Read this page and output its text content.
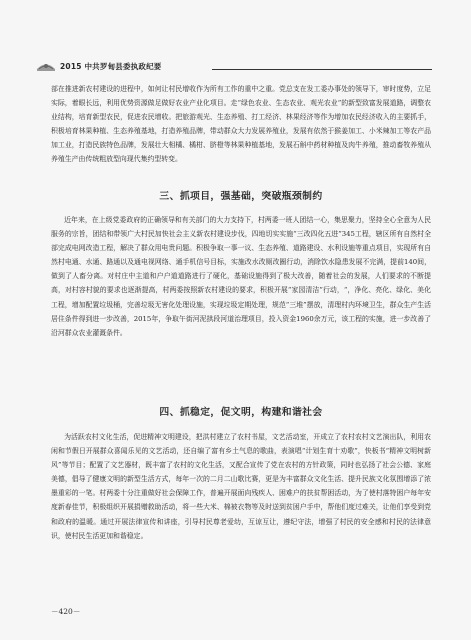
2015 中共罗甸县委执政纪要

部在推进新农村建设的进程中，如何让村民增收作为所有工作的重中之重。党总支在发工委办事处的领导下，审时度势，立足实际，着眼长远，利用优势资源做足做好农业产业化项目。走“绿色农业、生态农业、观光农业”的新型致富发展道路，调整农业结构，培育新型农民，促进农民增收。把旅游观光、生态养殖、打工经济、林果经济等作为增加农民经济收入的主要抓手，积极培育林果种植、生态养殖基地，打造养殖品牌，带动群众大力发展养殖业，发展有依然于猴姜加工、小米辣加工等农产品加工业，打造民族特色品牌，发展壮大相橘、橘柑、脐橙等林果种植基地，发展石斛中药材种植及肉牛养殖，推动畜牧养殖从养殖生产由传统粗放型向现代集约型转变。

三、抓项目，强基础，突破瓶颈制约

近年来，在上级党委政府的正确领导和有关部门的大力支持下，村两委一班人团结一心，集思聚力，坚持全心全意为人民服务的宗旨，团结和带领广大村民加快社会主义新农村建设步伐，四地切实实施“三改四化五进”345工程，辖区所有自然村全部完成电网改造工程，解决了群众用电贵问题。积极争取一事一议、生态养殖、道路建设、水利设施等重点项目，实现所有自然村电通、水通、路通以及通电视网络、通手机信号目标，实施改水改厕改圈行动，消除饮水隐患发展不完满，提前140间，做到了人畜分离。对村庄中主道和户户道道路进行了硬化，基础设施得到了极大改善，随着社会的发展，人们要求的不断提高，对村容村貌的要求也逐渐提高，村两委按照新农村建设的要求，积极开展“家园清洁”行动，“，净化、亮化、绿化、美化工程，增加配置垃圾桶，完善垃圾无害化处理设施，实现垃圾定期处理，规范“三堆”摆放，清理村内环境卫生，群众生产生活居住条件得到进一步改善，2015年，争取午街河泥拱段河道治理项目，投入资金1960余万元，该工程的实施，进一步改善了沿河群众农业灌溉条件。

四、抓稳定，促文明，构建和谐社会

为活跃农村文化生活，促进精神文明建设，把洪村建立了农村书屋，文艺活动室，开成立了农村农村文艺演出队，利用农闲和节假日开展群众喜闻乐见的文艺活动，还自编了富有乡土气息的歌曲，表演唱“计划生育十劝歌”，快板书“精神文明树新风”等节目；配置了文艺器材，既丰富了农村的文化生活，又配合宣传了党在农村的方针政策，同时也弘扬了社会公德、家庭美德，倡导了健康文明的新型生活方式，每年一次的二月二山歌比赛，更是为丰富群众文化生活、提升民族文化氛围增添了浓墨重彩的一笔。村两委十分注重做好社会保障工作，普遍开展面向残疾人、困难户的扶贫帮困活动，为了使村落特困户每年安度新春佳节，积极组织开展捐赠救助活动，将一些大米、棉被衣物等及时送到贫困户手中，帮他们度过难关，让他们享受到党和政府的温暖。通过开展法律宣传和讲座，引导村民尊老爱幼，互谅互让，遵纪守法，增强了村民的安全感和村民的法律意识，使村民生活更加和谐稳定。

－420－
